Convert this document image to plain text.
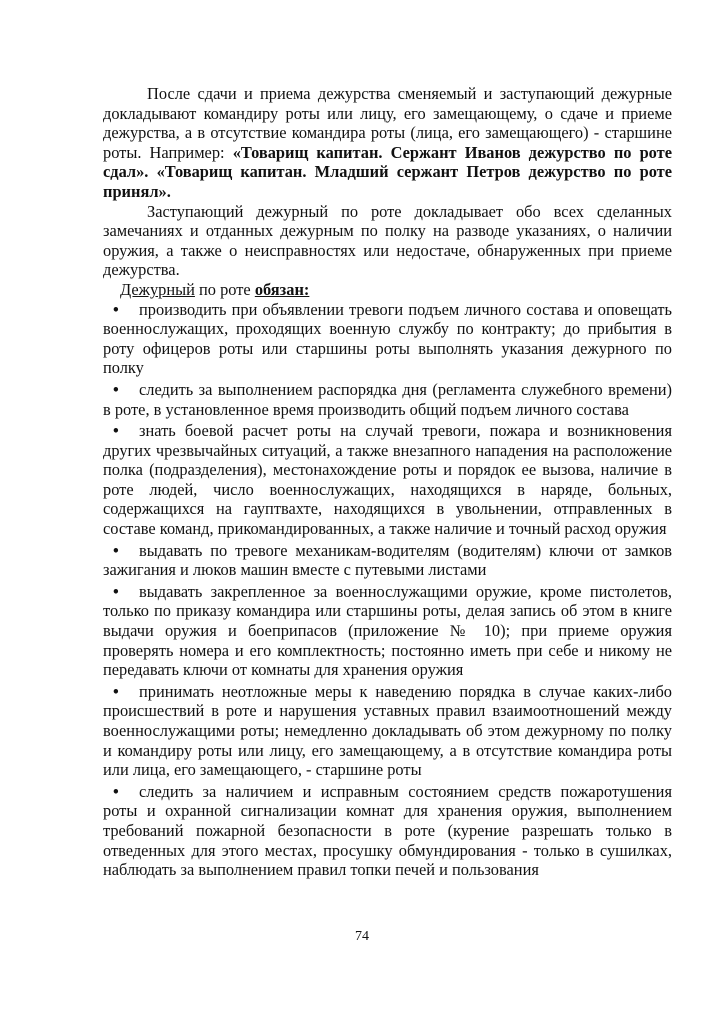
После сдачи и приема дежурства сменяемый и заступающий дежурные докладывают командиру роты или лицу, его замещающему, о сдаче и приеме дежурства, а в отсутствие командира роты (лица, его замещающего) - старшине роты. Например: «Товарищ капитан. Сержант Иванов дежурство по роте сдал». «Товарищ капитан. Младший сержант Петров дежурство по роте принял».

Заступающий дежурный по роте докладывает обо всех сделанных замечаниях и отданных дежурным по полку на разводе указаниях, о наличии оружия, а также о неисправностях или недостаче, обнаруженных при приеме дежурства.

Дежурный по роте обязан:

• производить при объявлении тревоги подъем личного состава и оповещать военнослужащих, проходящих военную службу по контракту; до прибытия в роту офицеров роты или старшины роты выполнять указания дежурного по полку

• следить за выполнением распорядка дня (регламента служебного времени) в роте, в установленное время производить общий подъем личного состава

• знать боевой расчет роты на случай тревоги, пожара и возникновения других чрезвычайных ситуаций, а также внезапного нападения на расположение полка (подразделения), местонахождение роты и порядок ее вызова, наличие в роте людей, число военнослужащих, находящихся в наряде, больных, содержащихся на гауптвахте, находящихся в увольнении, отправленных в составе команд, прикомандированных, а также наличие и точный расход оружия

• выдавать по тревоге механикам-водителям (водителям) ключи от замков зажигания и люков машин вместе с путевыми листами

• выдавать закрепленное за военнослужащими оружие, кроме пистолетов, только по приказу командира или старшины роты, делая запись об этом в книге выдачи оружия и боеприпасов (приложение № 10); при приеме оружия проверять номера и его комплектность; постоянно иметь при себе и никому не передавать ключи от комнаты для хранения оружия

• принимать неотложные меры к наведению порядка в случае каких-либо происшествий в роте и нарушения уставных правил взаимоотношений между военнослужащими роты; немедленно докладывать об этом дежурному по полку и командиру роты или лицу, его замещающему, а в отсутствие командира роты или лица, его замещающего, - старшине роты

• следить за наличием и исправным состоянием средств пожаротушения роты и охранной сигнализации комнат для хранения оружия, выполнением требований пожарной безопасности в роте (курение разрешать только в отведенных для этого местах, просушку обмундирования - только в сушилках, наблюдать за выполнением правил топки печей и пользования

74
